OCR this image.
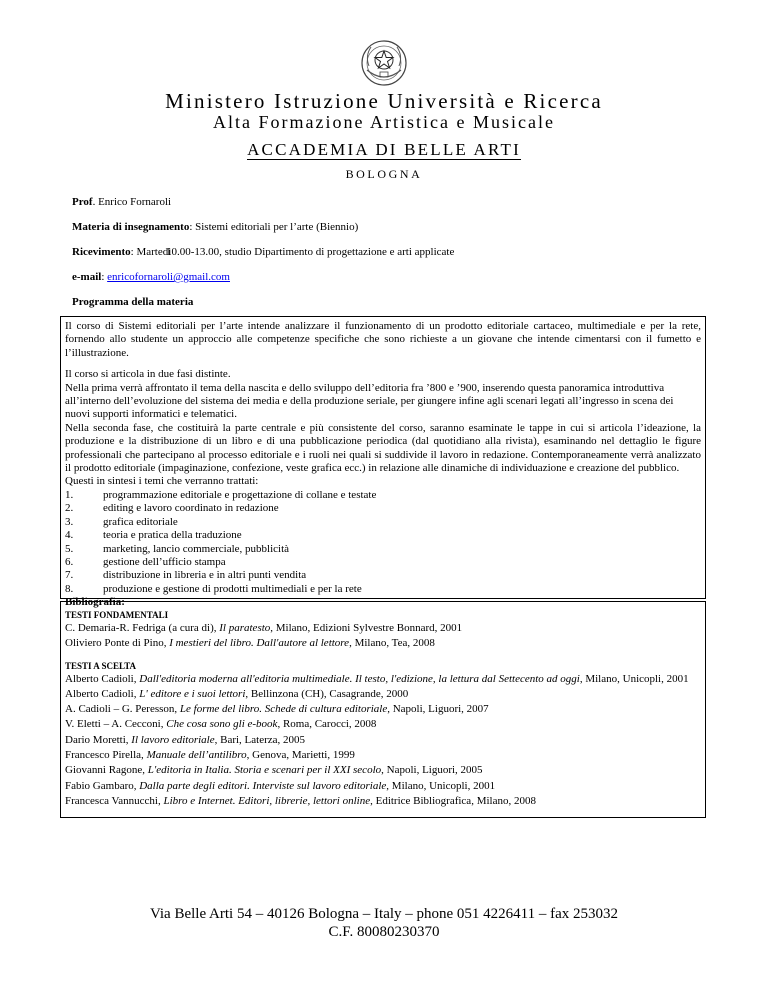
Ministero Istruzione Università e Ricerca
Alta Formazione Artistica e Musicale
ACCADEMIA DI BELLE ARTI
BOLOGNA
Prof. Enrico Fornaroli
Materia di insegnamento: Sistemi editoriali per l’arte (Biennio)
Ricevimento: Martedì
10.00-13.00, studio Dipartimento di progettazione e arti applicate
e-mail: enricofornaroli@gmail.com
Programma della materia

Il corso di Sistemi editoriali per l’arte intende analizzare il funzionamento di un prodotto editoriale cartaceo, multimediale e per la rete, fornendo allo studente un approccio alle competenze specifiche che sono richieste a un giovane che intende cimentarsi con il fumetto e l’illustrazione.

Il corso si articola in due fasi distinte.

Nella prima verrà affrontato il tema della nascita e dello sviluppo dell’editoria fra ’800 e ’900, inserendo questa panoramica introduttiva all’interno dell’evoluzione del sistema dei media e della produzione seriale, per giungere infine agli scenari legati all’ingresso in scena dei nuovi supporti informatici e telematici.

Nella seconda fase, che costituirà la parte centrale e più consistente del corso, saranno esaminate le tappe in cui si articola l’ideazione, la produzione e la distribuzione di un libro e di una pubblicazione periodica (dal quotidiano alla rivista), esaminando nel dettaglio le figure professionali che partecipano al processo editoriale e i ruoli nei quali si suddivide il lavoro in redazione. Contemporaneamente verrà analizzato il prodotto editoriale (impaginazione, confezione, veste grafica ecc.) in relazione alle dinamiche di individuazione e creazione del pubblico.

Questi in sintesi i temi che verranno trattati:

1.	programmazione editoriale e progettazione di collane e testate
2.	editing e lavoro coordinato in redazione
3.	grafica editoriale
4.	teoria e pratica della traduzione
5.	marketing, lancio commerciale, pubblicità
6.	gestione dell’ufficio stampa
7.	distribuzione in libreria e in altri punti vendita
8.	produzione e gestione di prodotti multimediali e per la rete
Bibliografia:
TESTI FONDAMENTALI

C. Demaria-R. Fedriga (a cura di), Il paratesto, Milano, Edizioni Sylvestre Bonnard, 2001

Oliviero Ponte di Pino, I mestieri del libro. Dall'autore al lettore, Milano, Tea, 2008

TESTI A SCELTA

Alberto Cadioli, Dall'editoria moderna all'editoria multimediale. Il testo, l'edizione, la lettura dal Settecento ad oggi, Milano, Unicopli, 2001

Alberto Cadioli, L' editore e i suoi lettori, Bellinzona (CH), Casagrande, 2000

A. Cadioli – G. Peresson, Le forme del libro. Schede di cultura editoriale, Napoli, Liguori, 2007

V. Eletti – A. Cecconi, Che cosa sono gli e-book, Roma, Carocci, 2008

Dario Moretti, Il lavoro editoriale, Bari, Laterza, 2005

Francesco Pirella, Manuale dell’antilibro, Genova, Marietti, 1999

Giovanni Ragone, L'editoria in Italia. Storia e scenari per il XXI secolo, Napoli, Liguori, 2005

Fabio Gambaro, Dalla parte degli editori. Interviste sul lavoro editoriale, Milano, Unicopli, 2001

Francesca Vannucchi, Libro e Internet. Editori, librerie, lettori online, Editrice Bibliografica, Milano, 2008

Via Belle Arti 54 – 40126 Bologna – Italy – phone 051 4226411 – fax 253032
C.F. 80080230370
